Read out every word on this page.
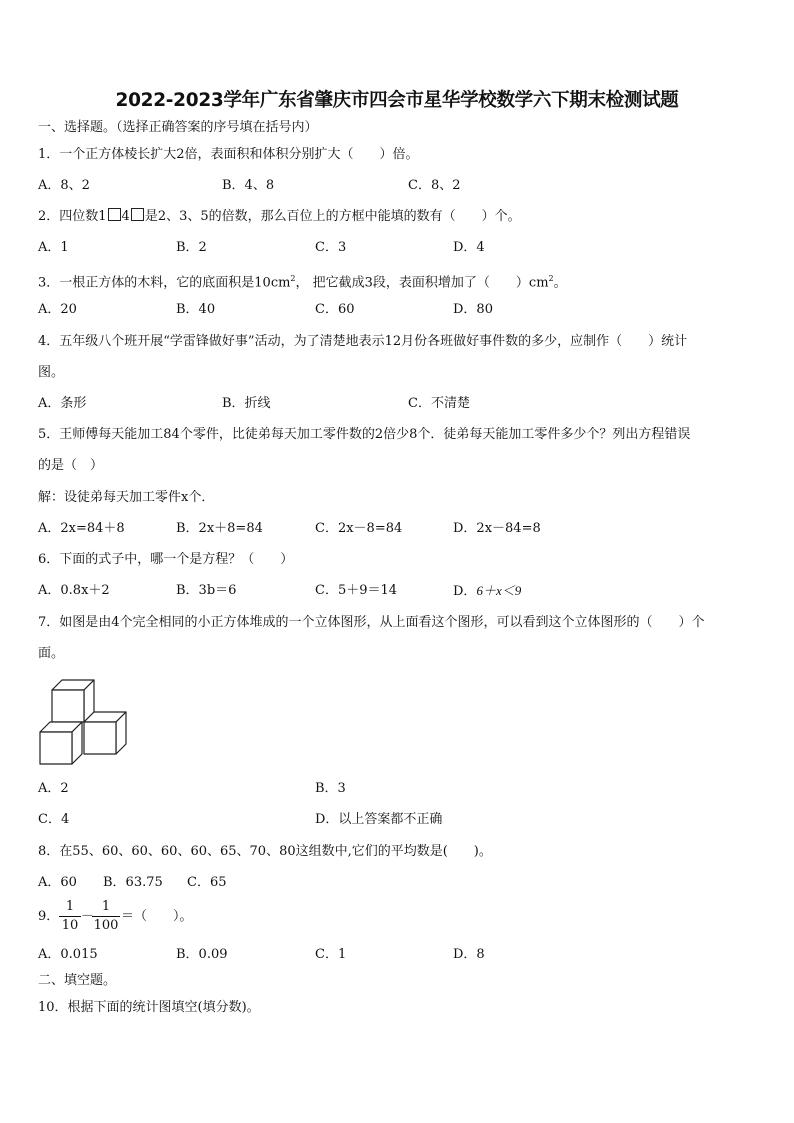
2022-2023学年广东省肇庆市四会市星华学校数学六下期末检测试题
一、选择题。（选择正确答案的序号填在括号内）
1．一个正方体棱长扩大2倍，表面积和体积分别扩大（　　）倍。
A．8、2	B．4、8	C．8、2
2．四位数1 4 是2、3、5的倍数，那么百位上的方框中能填的数有（　　）个。
A．1	B．2	C．3	D．4
3．一根正方体的木料，它的底面积是$10cm^2$， 把它截成3段，表面积增加了（　　）$cm^2$。
A．20	B．40	C．60	D．80
4．五年级八个班开展“学雷锋做好事”活动，为了清楚地表示12月份各班做好事件数的多少，应制作（　　）统计
图。
A．条形	B．折线	C．不清楚
5．王师傅每天能加工84个零件，比徒弟每天加工零件数的2倍少8个．徒弟每天能加工零件多少个？列出方程错误
的是（　）
解：设徒弟每天加工零件x个．
A．2x=84＋8	B．2x＋8=84	C．2x－8=84	D．2x－84=8
6．下面的式子中，哪一个是方程？（　　）
A．0.8x＋2	B．3b＝6	C．5＋9＝14	D．6＋x＜9
7．如图是由4个完全相同的小正方体堆成的一个立体图形，从上面看这个图形，可以看到这个立体图形的（　　）个
面。
A．2	B．3
C．4	D．以上答案都不正确
8．在55、60、60、60、60、65、70、80这组数中,它们的平均数是(　　)。
A．60 B．63.75 C．65
9．
1
10
－
1
100
＝（　　）。
A．0.015	B．0.09	C．1	D．8
二、填空题。
10．根据下面的统计图填空(填分数)。
